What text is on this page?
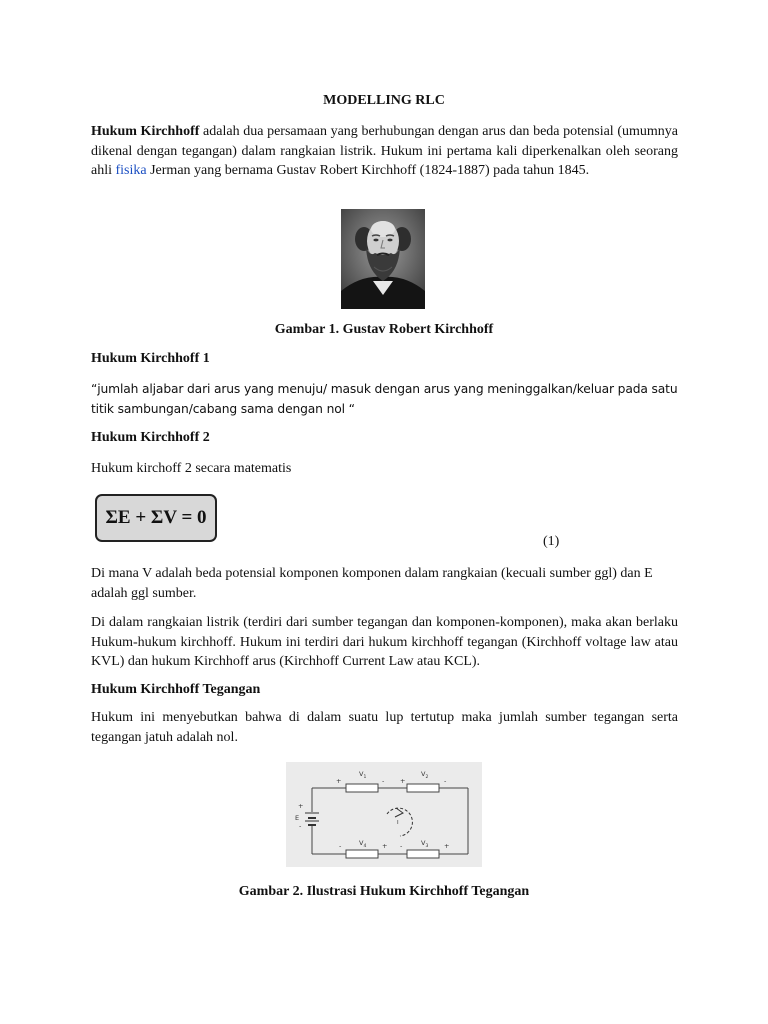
MODELLING RLC

Hukum Kirchhoff adalah dua persamaan yang berhubungan dengan arus dan beda potensial (umumnya dikenal dengan tegangan) dalam rangkaian listrik. Hukum ini pertama kali diperkenalkan oleh seorang ahli fisika Jerman yang bernama Gustav Robert Kirchhoff (1824-1887) pada tahun 1845.

Gambar 1. Gustav Robert Kirchhoff

Hukum Kirchhoff 1

“jumlah aljabar dari arus yang menuju/ masuk dengan arus yang meninggalkan/keluar pada satu titik sambungan/cabang sama dengan nol “

Hukum Kirchhoff 2

Hukum kirchoff 2 secara matematis

ΣE + ΣV = 0
(1)

Di mana V adalah beda potensial komponen komponen dalam rangkaian (kecuali sumber ggl) dan E adalah ggl sumber.

Di dalam rangkaian listrik (terdiri dari sumber tegangan dan komponen-komponen), maka akan berlaku Hukum-hukum kirchhoff. Hukum ini terdiri dari hukum kirchhoff tegangan (Kirchhoff voltage law atau KVL) dan hukum Kirchhoff arus (Kirchhoff Current Law atau KCL).

Hukum Kirchhoff Tegangan

Hukum ini menyebutkan bahwa di dalam suatu lup tertutup maka jumlah sumber tegangan serta tegangan jatuh adalah nol.

$V_1$	$V_2$
$V_4$	$V_3$
E
I
+	- +	-
-	+ -	+
+
-

Gambar 2. Ilustrasi Hukum Kirchhoff Tegangan
